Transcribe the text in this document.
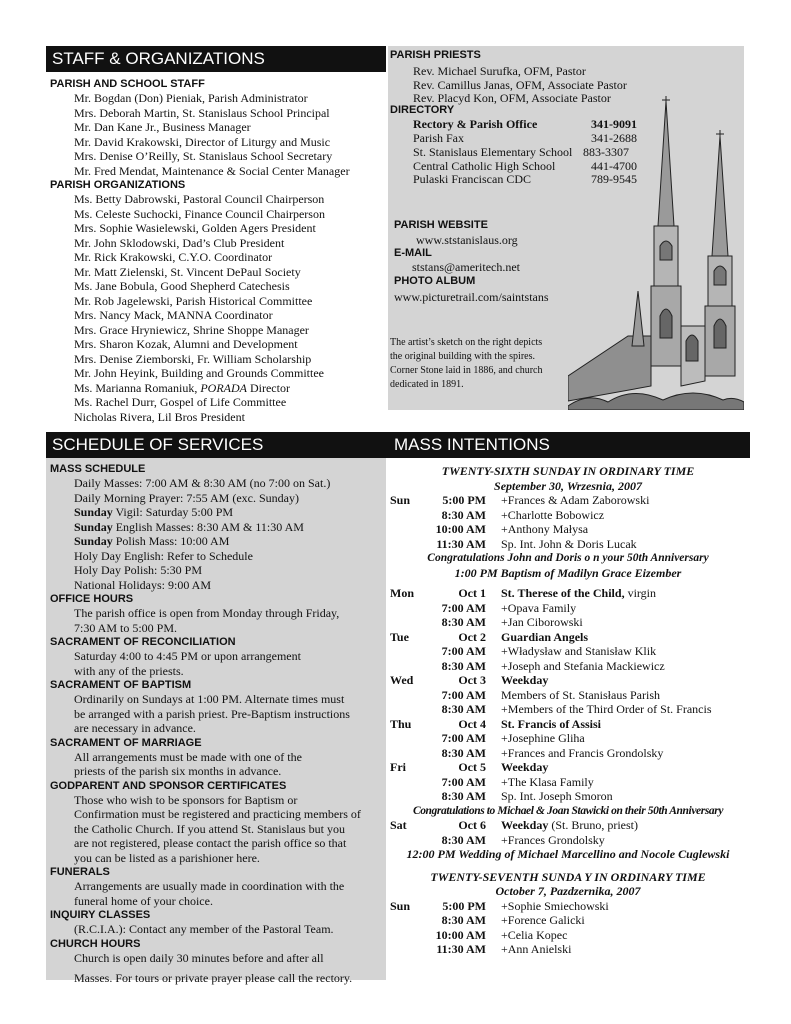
STAFF & ORGANIZATIONS
PARISH AND SCHOOL STAFF
Mr. Bogdan (Don) Pieniak, Parish Administrator
Mrs. Deborah Martin, St. Stanislaus School Principal
Mr. Dan Kane Jr., Business Manager
Mr. David Krakowski, Director of Liturgy and Music
Mrs. Denise O’Reilly, St. Stanislaus School Secretary
Mr. Fred Mendat, Maintenance & Social Center Manager
PARISH ORGANIZATIONS
Ms. Betty Dabrowski, Pastoral Council Chairperson
Ms. Celeste Suchocki, Finance Council Chairperson
Mrs. Sophie Wasielewski, Golden Agers President
Mr. John Sklodowski, Dad’s Club President
Mr. Rick Krakowski, C.Y.O. Coordinator
Mr. Matt Zielenski, St. Vincent DePaul Society
Ms. Jane Bobula, Good Shepherd Catechesis
Mr. Rob Jagelewski, Parish Historical Committee
Mrs. Nancy Mack, MANNA Coordinator
Mrs. Grace Hryniewicz, Shrine Shoppe Manager
Mrs. Sharon Kozak, Alumni and Development
Mrs. Denise Ziemborski, Fr. William Scholarship
Mr. John Heyink, Building and Grounds Committee
Ms. Marianna Romaniuk, PORADA Director
Ms. Rachel Durr, Gospel of Life Committee
Nicholas Rivera, Lil Bros President
PARISH PRIESTS
Rev. Michael Surufka, OFM, Pastor
Rev. Camillus Janas, OFM, Associate Pastor
Rev. Placyd Kon, OFM, Associate Pastor
DIRECTORY
Rectory & Parish Office	341-9091
Parish Fax	341-2688
St. Stanislaus Elementary School 883-3307
Central Catholic High School	441-4700
Pulaski Franciscan CDC	789-9545
PARISH WEBSITE
www.ststanislaus.org
E-MAIL
ststans@ameritech.net
PHOTO ALBUM
www.picturetrail.com/saintstans
The artist’s sketch on the right depicts the original building with the spires. Corner Stone laid in 1886, and church dedicated in 1891.
SCHEDULE OF SERVICES
MASS SCHEDULE
Daily Masses: 7:00 AM & 8:30 AM (no 7:00 on Sat.)
Daily Morning Prayer: 7:55 AM (exc. Sunday)
Sunday Vigil: Saturday 5:00 PM
Sunday English Masses: 8:30 AM & 11:30 AM
Sunday Polish Mass: 10:00 AM
Holy Day English: Refer to Schedule
Holy Day Polish: 5:30 PM
National Holidays: 9:00 AM
OFFICE HOURS
The parish office is open from Monday through Friday,
7:30 AM to 5:00 PM.
SACRAMENT OF RECONCILIATION
Saturday 4:00 to 4:45 PM or upon arrangement
with any of the priests.
SACRAMENT OF BAPTISM
Ordinarily on Sundays at 1:00 PM. Alternate times must
be arranged with a parish priest. Pre-Baptism instructions
are necessary in advance.
SACRAMENT OF MARRIAGE
All arrangements must be made with one of the
priests of the parish six months in advance.
GODPARENT AND SPONSOR CERTIFICATES
Those who wish to be sponsors for Baptism or
Confirmation must be registered and practicing members of
the Catholic Church. If you attend St. Stanislaus but you
are not registered, please contact the parish office so that
you can be listed as a parishioner here.
FUNERALS
Arrangements are usually made in coordination with the
funeral home of your choice.
INQUIRY CLASSES
(R.C.I.A.): Contact any member of the Pastoral Team.
CHURCH HOURS
Church is open daily 30 minutes before and after all
Masses. For tours or private prayer please call the rectory.
MASS INTENTIONS
TWENTY-SIXTH SUNDAY IN ORDINARY TIME
September 30, Wrzesnia, 2007
Sun	5:00 PM +Frances & Adam Zaborowski
8:30 AM +Charlotte Bobowicz
10:00 AM +Anthony Małysa
11:30 AM Sp. Int. John & Doris Lucak
Congratulations John and Doris o n your 50th Anniversary
1:00 PM Baptism of Madilyn Grace Eizember
Mon	Oct 1 St. Therese of the Child, virgin
7:00 AM +Opava Family
8:30 AM +Jan Ciborowski
Tue	Oct 2 Guardian Angels
7:00 AM +Władysław and Stanisław Klik
8:30 AM +Joseph and Stefania Mackiewicz
Wed	Oct 3 Weekday
7:00 AM Members of St. Stanisłaus Parish
8:30 AM +Members of the Third Order of St. Francis
Thu	Oct 4 St. Francis of Assisi
7:00 AM +Josephine Gliha
8:30 AM +Frances and Francis Grondolsky
Fri	Oct 5 Weekday
7:00 AM +The Klasa Family
8:30 AM Sp. Int. Joseph Smoron
Congratulations to Michael & Joan Stawicki on their 50th Anniversary
Sat	Oct 6 Weekday (St. Bruno, priest)
8:30 AM +Frances Grondolsky
12:00 PM Wedding of Michael Marcellino and Nocole Cuglewski
TWENTY-SEVENTH SUNDA Y IN ORDINARY TIME
October 7, Pazdzernika, 2007
Sun	5:00 PM +Sophie Smiechowski
8:30 AM +Forence Galicki
10:00 AM +Celia Kopec
11:30 AM +Ann Anielski
